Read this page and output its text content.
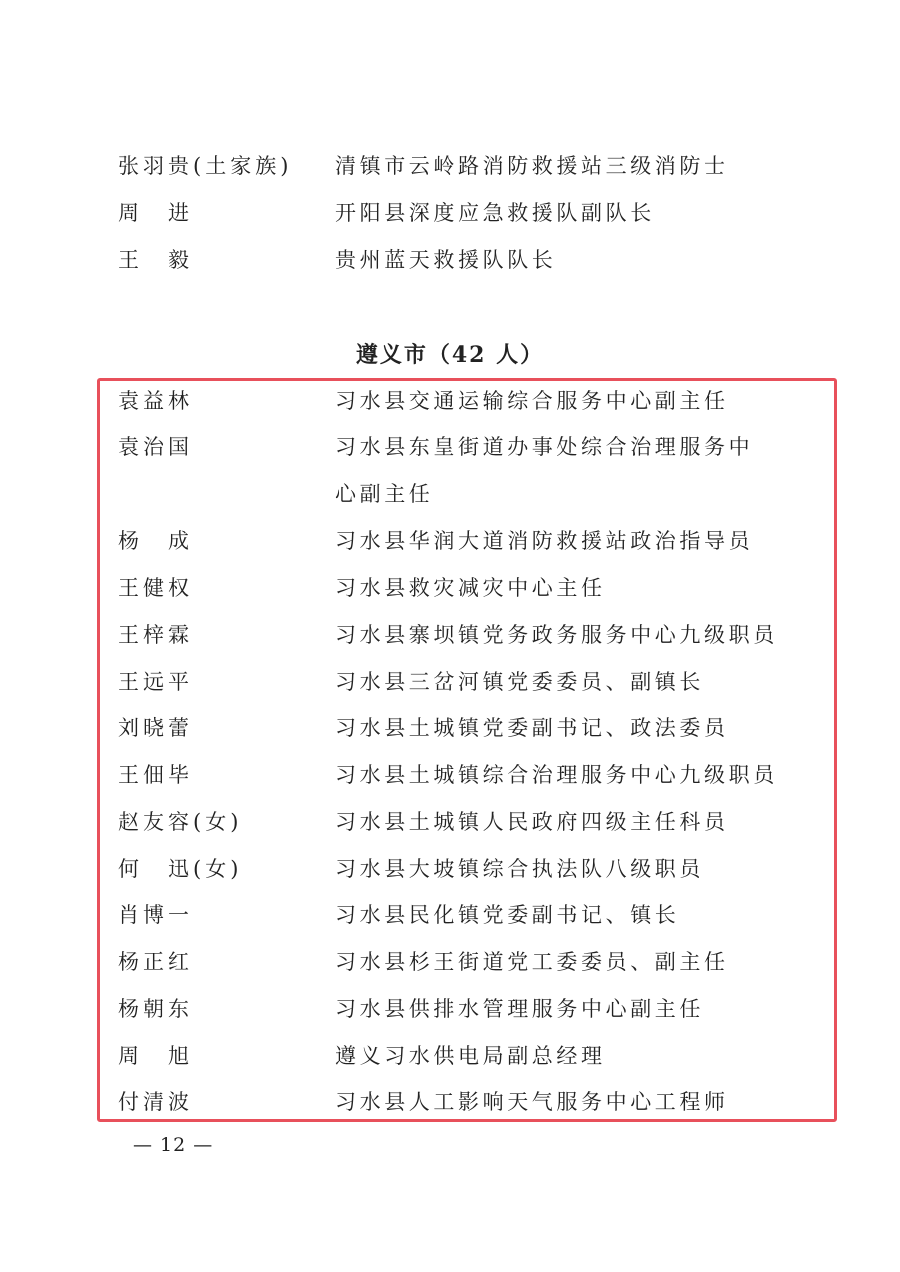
张羽贵(土家族) 清镇市云岭路消防救援站三级消防士
周　进	开阳县深度应急救援队副队长
王　毅	贵州蓝天救援队队长
遵义市（42 人）
袁益林	习水县交通运输综合服务中心副主任
袁治国	习水县东皇街道办事处综合治理服务中
心副主任
杨　成	习水县华润大道消防救援站政治指导员
王健权	习水县救灾减灾中心主任
王梓霖	习水县寨坝镇党务政务服务中心九级职员
王远平	习水县三岔河镇党委委员、副镇长
刘晓蕾	习水县土城镇党委副书记、政法委员
王佃毕	习水县土城镇综合治理服务中心九级职员
赵友容(女)	习水县土城镇人民政府四级主任科员
何　迅(女)	习水县大坡镇综合执法队八级职员
肖博一	习水县民化镇党委副书记、镇长
杨正红	习水县杉王街道党工委委员、副主任
杨朝东	习水县供排水管理服务中心副主任
周　旭	遵义习水供电局副总经理
付清波	习水县人工影响天气服务中心工程师
— 12 —
